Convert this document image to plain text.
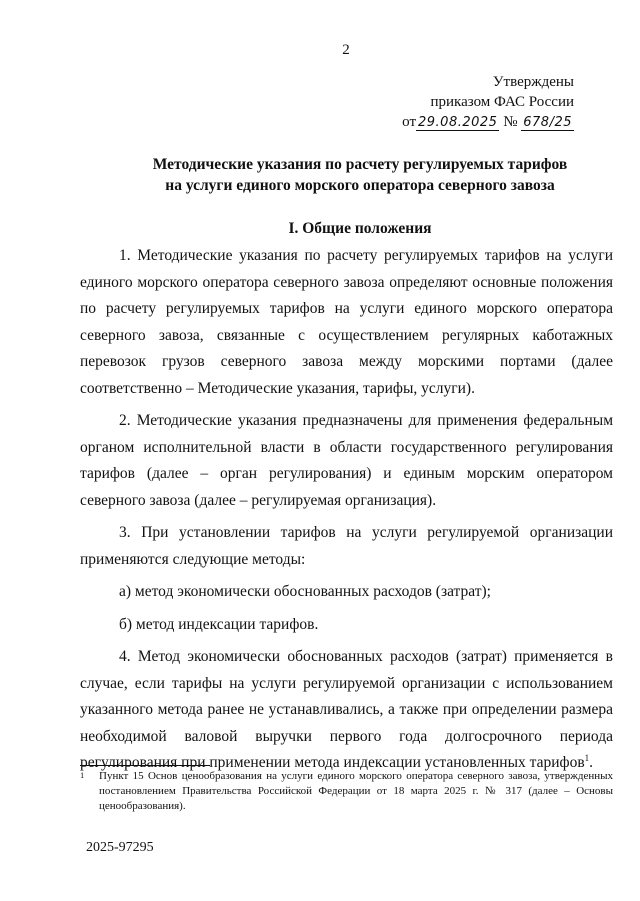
2
Утверждены
приказом ФАС России
от 29.08.2025 № 678/25
Методические указания по расчету регулируемых тарифов
на услуги единого морского оператора северного завоза
I. Общие положения

1. Методические указания по расчету регулируемых тарифов на услуги единого морского оператора северного завоза определяют основные положения по расчету регулируемых тарифов на услуги единого морского оператора северного завоза, связанные с осуществлением регулярных каботажных перевозок грузов северного завоза между морскими портами (далее соответственно – Методические указания, тарифы, услуги).

2. Методические указания предназначены для применения федеральным органом исполнительной власти в области государственного регулирования тарифов (далее – орган регулирования) и единым морским оператором северного завоза (далее – регулируемая организация).

3. При установлении тарифов на услуги регулируемой организации применяются следующие методы:

а) метод экономически обоснованных расходов (затрат);

б) метод индексации тарифов.

4. Метод экономически обоснованных расходов (затрат) применяется в случае, если тарифы на услуги регулируемой организации с использованием указанного метода ранее не устанавливались, а также при определении размера необходимой валовой выручки первого года долгосрочного периода регулирования при применении метода индексации установленных тарифов$^1$.

1	Пункт 15 Основ ценообразования на услуги единого морского оператора северного завоза, утвержденных постановлением Правительства Российской Федерации от 18 марта 2025 г. № 317 (далее – Основы ценообразования).
2025-97295
